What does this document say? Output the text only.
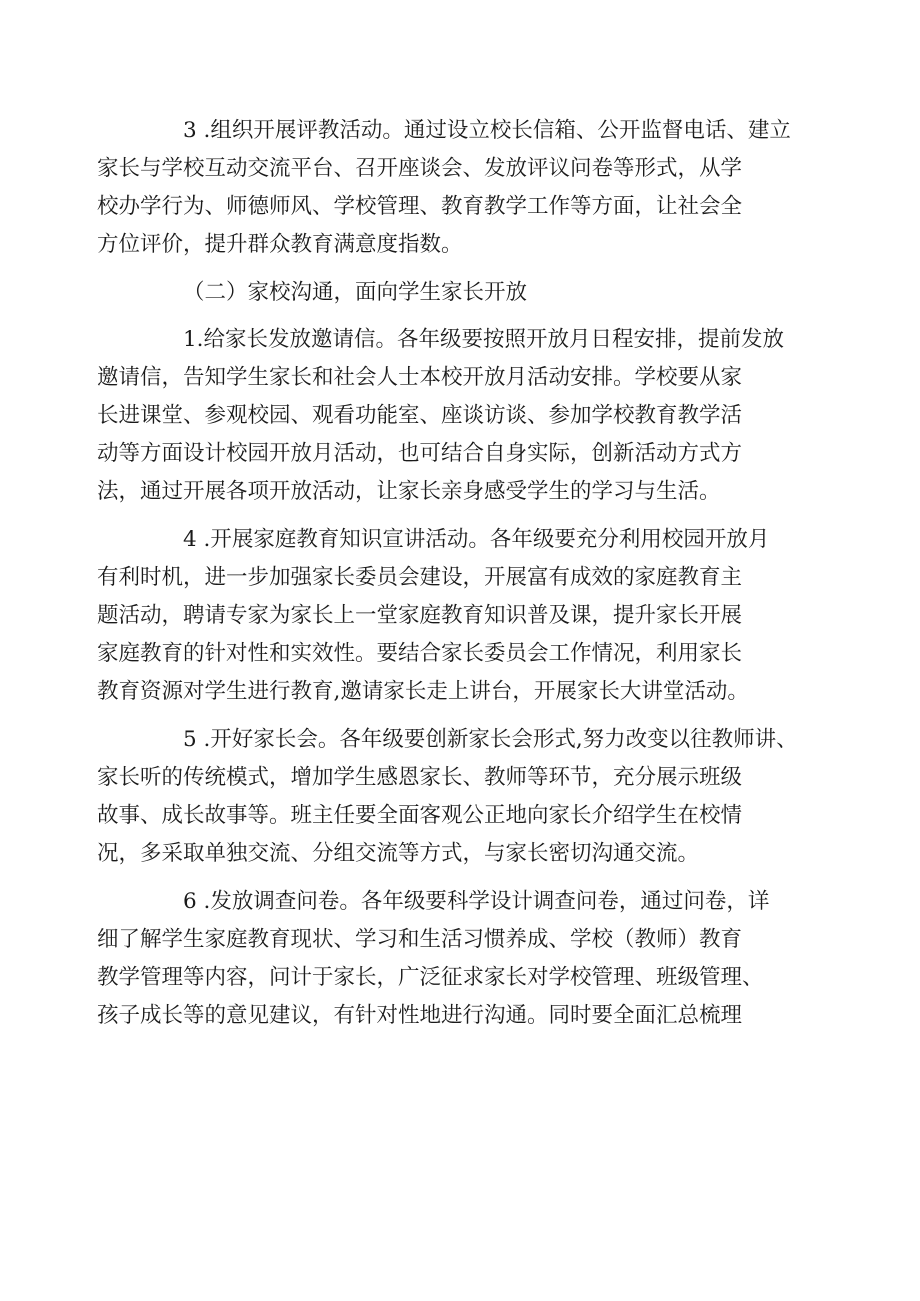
3 .组织开展评教活动。通过设立校长信箱、公开监督电话、建立
家长与学校互动交流平台、召开座谈会、发放评议问卷等形式，从学
校办学行为、师德师风、学校管理、教育教学工作等方面，让社会全
方位评价，提升群众教育满意度指数。

（二）家校沟通，面向学生家长开放

1.给家长发放邀请信。各年级要按照开放月日程安排，提前发放
邀请信，告知学生家长和社会人士本校开放月活动安排。学校要从家
长进课堂、参观校园、观看功能室、座谈访谈、参加学校教育教学活
动等方面设计校园开放月活动，也可结合自身实际，创新活动方式方
法，通过开展各项开放活动，让家长亲身感受学生的学习与生活。

4 .开展家庭教育知识宣讲活动。各年级要充分利用校园开放月
有利时机，进一步加强家长委员会建设，开展富有成效的家庭教育主
题活动，聘请专家为家长上一堂家庭教育知识普及课，提升家长开展
家庭教育的针对性和实效性。要结合家长委员会工作情况，利用家长
教育资源对学生进行教育,邀请家长走上讲台，开展家长大讲堂活动。

5 .开好家长会。各年级要创新家长会形式,努力改变以往教师讲、
家长听的传统模式，增加学生感恩家长、教师等环节，充分展示班级
故事、成长故事等。班主任要全面客观公正地向家长介绍学生在校情
况，多采取单独交流、分组交流等方式，与家长密切沟通交流。

6 .发放调查问卷。各年级要科学设计调查问卷，通过问卷，详
细了解学生家庭教育现状、学习和生活习惯养成、学校（教师）教育
教学管理等内容，问计于家长，广泛征求家长对学校管理、班级管理、
孩子成长等的意见建议，有针对性地进行沟通。同时要全面汇总梳理
